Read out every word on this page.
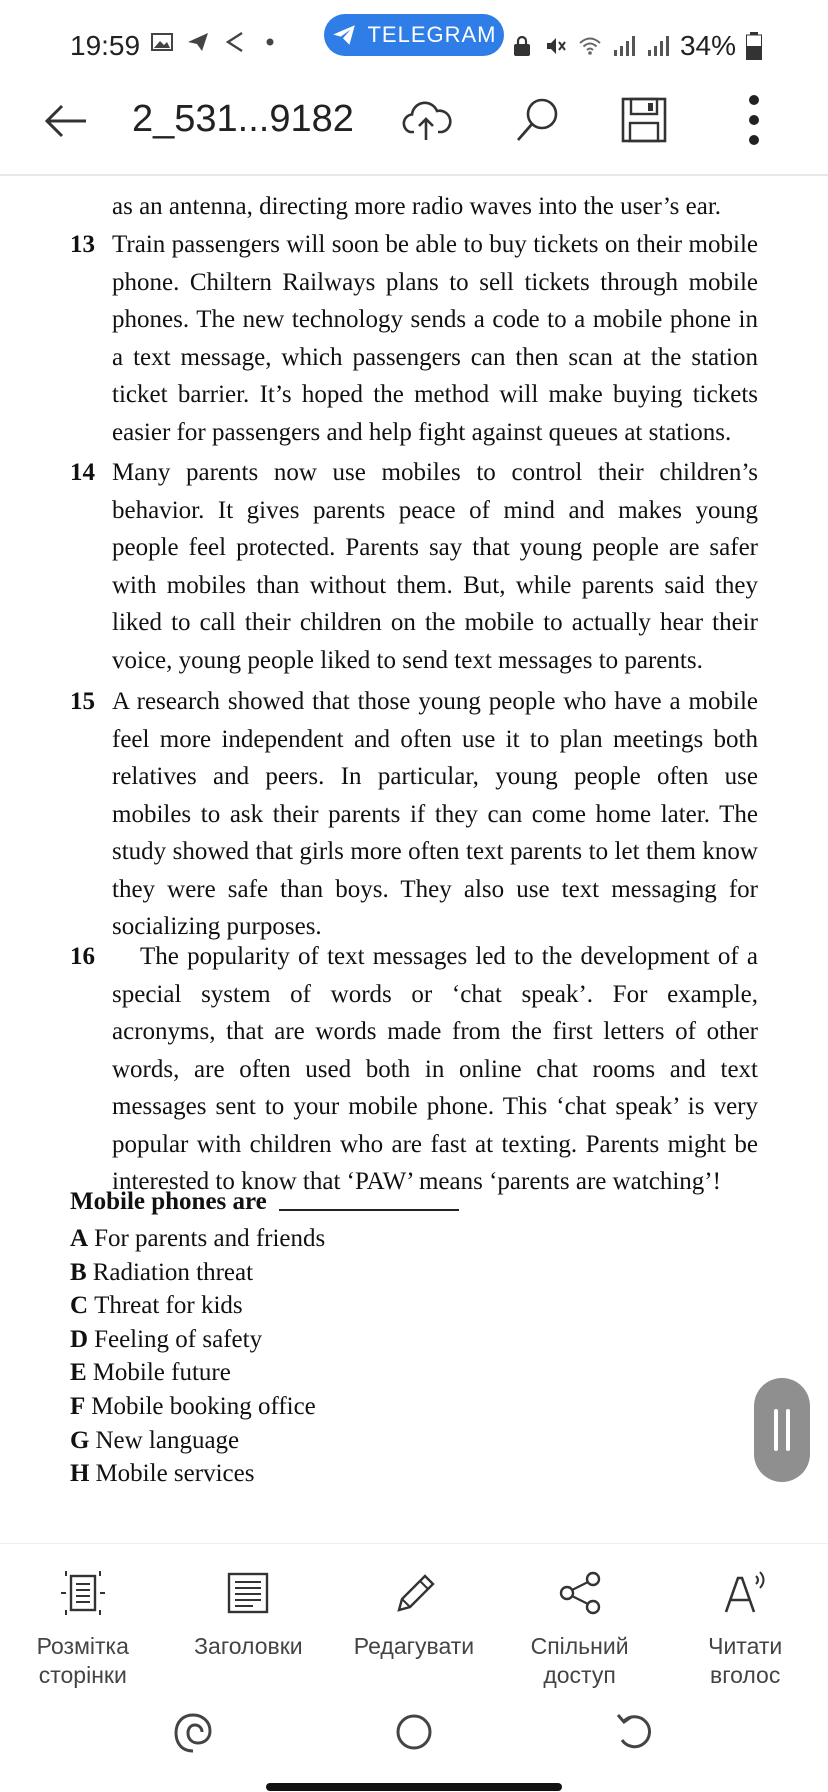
19:59	TELEGRAM	34%
2_531...9182
as an antenna, directing more radio waves into the user’s ear.
13 Train passengers will soon be able to buy tickets on their mobile phone. Chiltern Railways plans to sell tickets through mobile phones. The new technology sends a code to a mobile phone in a text message, which passengers can then scan at the station ticket barrier. It’s hoped the method will make buying tickets easier for passengers and help fight against queues at stations.
14 Many parents now use mobiles to control their children’s behavior. It gives parents peace of mind and makes young people feel protected. Parents say that young people are safer with mobiles than without them. But, while parents said they liked to call their children on the mobile to actually hear their voice, young people liked to send text messages to parents.
15 A research showed that those young people who have a mobile feel more independent and often use it to plan meetings both relatives and peers. In particular, young people often use mobiles to ask their parents if they can come home later. The study showed that girls more often text parents to let them know they were safe than boys. They also use text messaging for socializing purposes.
16	The popularity of text messages led to the development of a special system of words or ‘chat speak’. For example, acronyms, that are words made from the first letters of other words, are often used both in online chat rooms and text messages sent to your mobile phone. This ‘chat speak’ is very popular with children who are fast at texting. Parents might be interested to know that ‘PAW’ means ‘parents are watching’!
Mobile phones are
A For parents and friends
B Radiation threat
C Threat for kids
D Feeling of safety
E Mobile future
F Mobile booking office
G New language
H Mobile services
Розмітка
сторінки
Заголовки Редагувати Спільний
доступ
Читати
вголос
